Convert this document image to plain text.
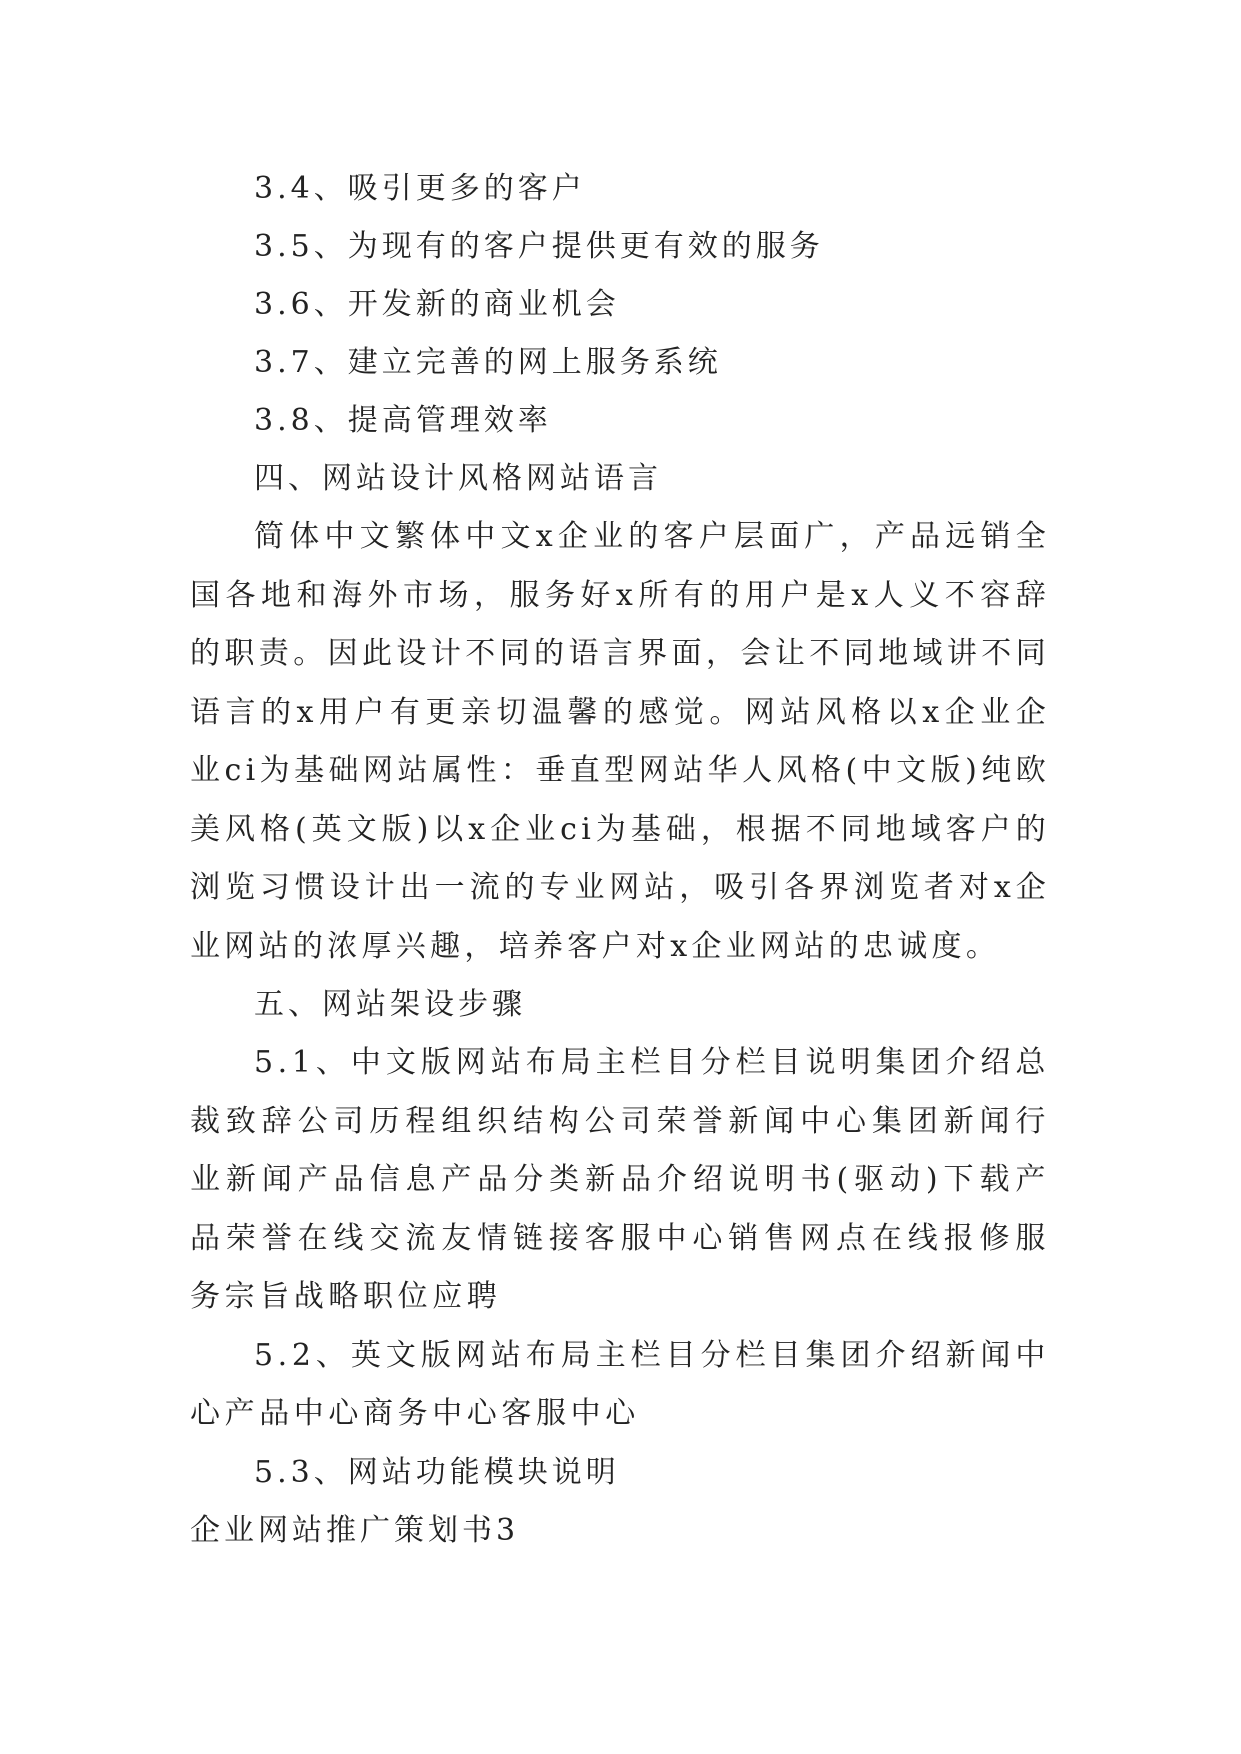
3.4、吸引更多的客户

3.5、为现有的客户提供更有效的服务

3.6、开发新的商业机会

3.7、建立完善的网上服务系统

3.8、提高管理效率

四、网站设计风格网站语言

简体中文繁体中文x企业的客户层面广，产品远销全国各地和海外市场，服务好x所有的用户是x人义不容辞的职责。因此设计不同的语言界面，会让不同地域讲不同语言的x用户有更亲切温馨的感觉。网站风格以x企业企业ci为基础网站属性：垂直型网站华人风格(中文版)纯欧美风格(英文版)以x企业ci为基础，根据不同地域客户的浏览习惯设计出一流的专业网站，吸引各界浏览者对x企业网站的浓厚兴趣，培养客户对x企业网站的忠诚度。

五、网站架设步骤

5.1、中文版网站布局主栏目分栏目说明集团介绍总裁致辞公司历程组织结构公司荣誉新闻中心集团新闻行业新闻产品信息产品分类新品介绍说明书(驱动)下载产品荣誉在线交流友情链接客服中心销售网点在线报修服务宗旨战略职位应聘

5.2、英文版网站布局主栏目分栏目集团介绍新闻中心产品中心商务中心客服中心

5.3、网站功能模块说明

企业网站推广策划书3
